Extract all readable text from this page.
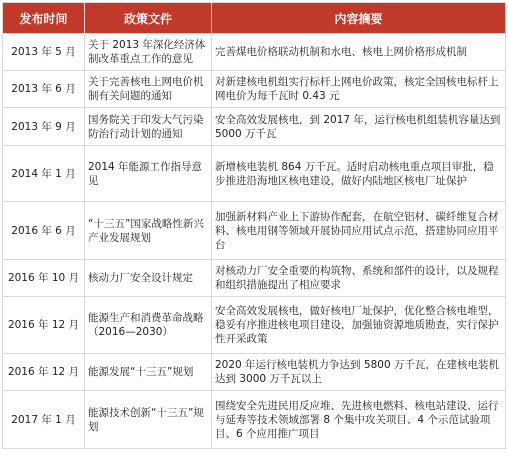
发布时间	政策文件	内容摘要
2013 年 5 月	关于 2013 年深化经济体制改革重点工作的意见	完善煤电价格联动机制和水电、核电上网价格形成机制
2013 年 6 月	关于完善核电上网电价机制有关问题的通知	对新建核电机组实行标杆上网电价政策，核定全国核电标杆上网电价为每千瓦时 0.43 元
2013 年 9 月	国务院关于印发大气污染防治行动计划的通知	安全高效发展核电，到 2017 年，运行核电机组装机容量达到 5000 万千瓦
2014 年 1 月	2014 年能源工作指导意见	新增核电装机 864 万千瓦。适时启动核电重点项目审批，稳步推进沿海地区核电建设，做好内陆地区核电厂址保护
2016 年 6 月	“十三五”国家战略性新兴产业发展规划	加强新材料产业上下游协作配套，在航空铝材、碳纤维复合材料、核电用钢等领域开展协同应用试点示范，搭建协同应用平台
2016 年 10 月	核动力厂安全设计规定	对核动力厂安全重要的构筑物、系统和部件的设计，以及规程和组织措施提出了相应要求
2016 年 12 月	能源生产和消费革命战略（2016—2030）	安全高效发展核电，做好核电厂址保护，优化整合核电堆型，稳妥有序推进核电项目建设，加强铀资源地质勘查，实行保护性开采政策
2016 年 12 月	能源发展“十三五”规划	2020 年运行核电装机力争达到 5800 万千瓦，在建核电装机达到 3000 万千瓦以上
2017 年 1 月	能源技术创新“十三五”规划	围绕安全先进民用反应堆、先进核电燃料、核电站建设、运行与延寿等技术领域部署 8 个集中攻关项目、4 个示范试验项目、6 个应用推广项目
